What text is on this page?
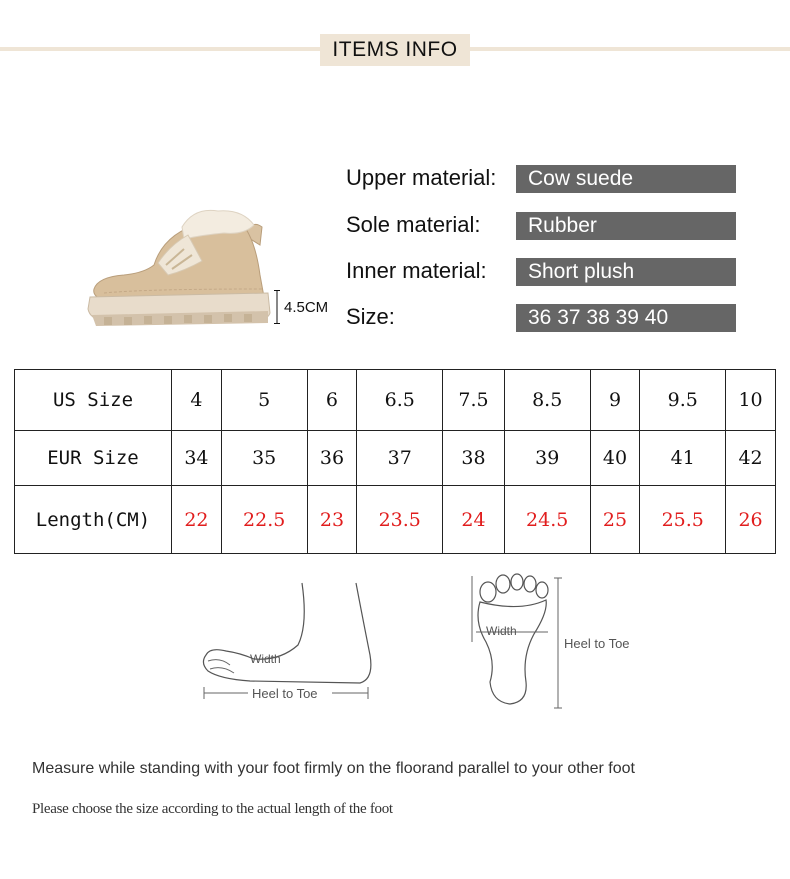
ITEMS INFO
4.5CM
Upper material:	Cow suede
Sole material:	Rubber
Inner material:	Short plush
Size:	36 37 38 39 40
US Size	4	5	6	6.5	7.5	8.5	9	9.5	10
EUR Size	34	35	36	37	38	39	40	41	42
Length(CM)	22	22.5	23	23.5	24	24.5	25	25.5	26
Width
Heel to Toe
Width
Heel to Toe
Measure while standing with your foot firmly on the floorand parallel to your other foot
Please choose the size according to the actual length of the foot
